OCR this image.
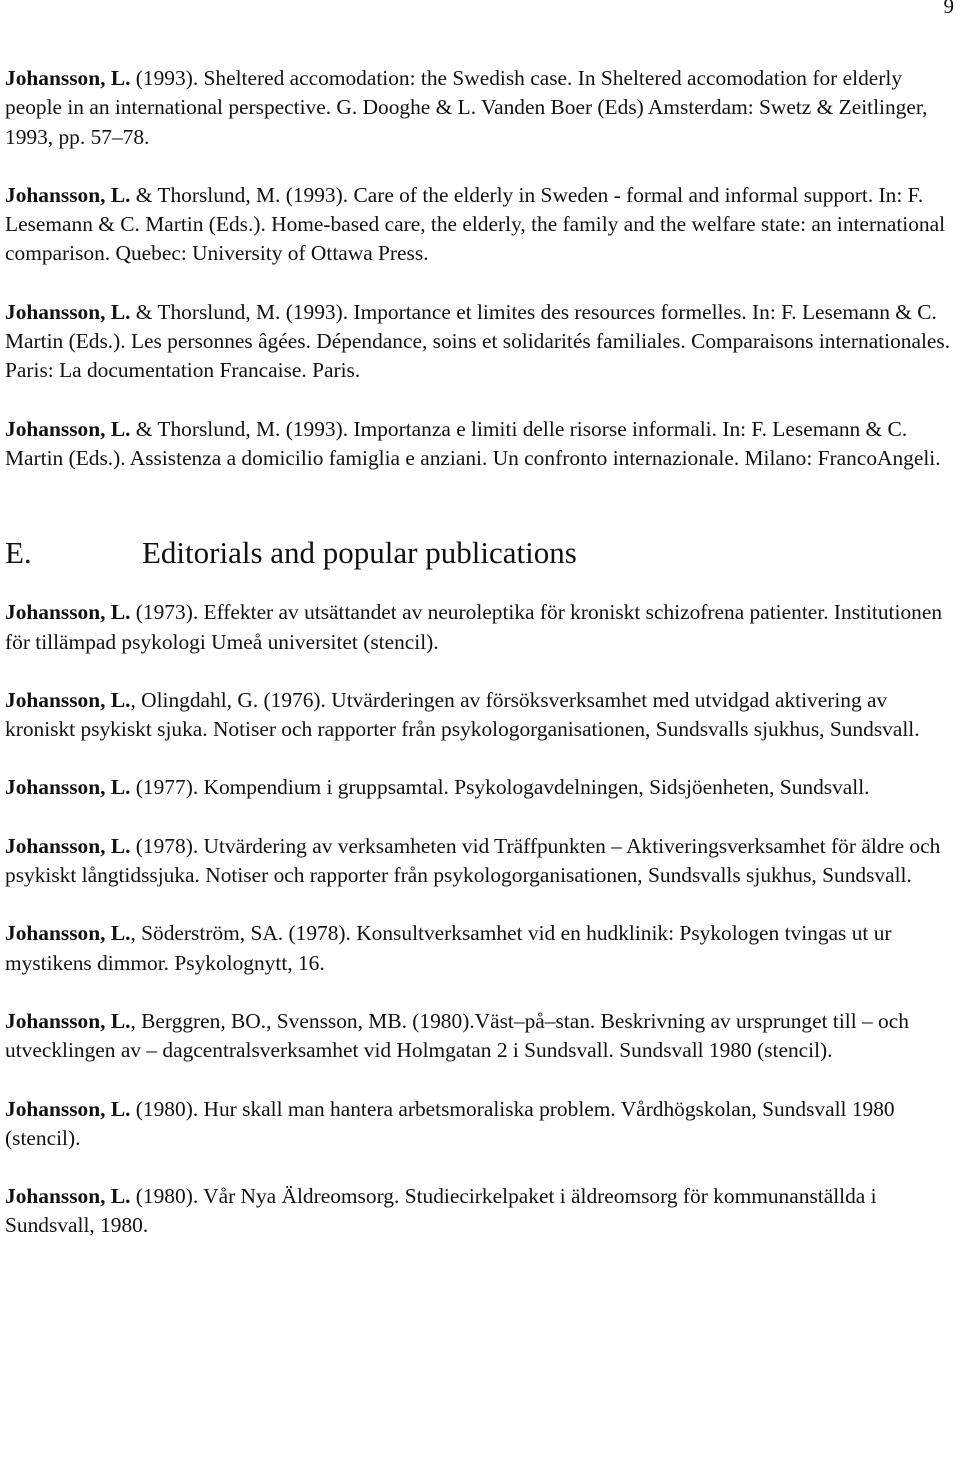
9

Johansson, L. (1993). Sheltered accomodation: the Swedish case. In Sheltered accomodation for elderly people in an international perspective. G. Dooghe & L. Vanden Boer (Eds) Amsterdam: Swetz & Zeitlinger, 1993, pp. 57–78.

Johansson, L. & Thorslund, M. (1993). Care of the elderly in Sweden - formal and informal support. In: F. Lesemann & C. Martin (Eds.). Home-based care, the elderly, the family and the welfare state: an international comparison. Quebec: University of Ottawa Press.

Johansson, L. & Thorslund, M. (1993). Importance et limites des resources formelles. In: F. Lesemann & C. Martin (Eds.). Les personnes âgées. Dépendance, soins et solidarités familiales. Comparaisons internationales. Paris: La documentation Francaise. Paris.

Johansson, L. & Thorslund, M. (1993). Importanza e limiti delle risorse informali. In: F. Lesemann & C. Martin (Eds.). Assistenza a domicilio famiglia e anziani. Un confronto internazionale. Milano: FrancoAngeli.

E.	Editorials and popular publications

Johansson, L. (1973). Effekter av utsättandet av neuroleptika för kroniskt schizofrena patienter. Institutionen för tillämpad psykologi Umeå universitet (stencil).

Johansson, L., Olingdahl, G. (1976). Utvärderingen av försöksverksamhet med utvidgad aktivering av kroniskt psykiskt sjuka. Notiser och rapporter från psykologorganisationen, Sundsvalls sjukhus, Sundsvall.

Johansson, L. (1977). Kompendium i gruppsamtal. Psykologavdelningen, Sidsjöenheten, Sundsvall.

Johansson, L. (1978). Utvärdering av verksamheten vid Träffpunkten – Aktiveringsverksamhet för äldre och psykiskt långtidssjuka. Notiser och rapporter från psykologorganisationen, Sundsvalls sjukhus, Sundsvall.

Johansson, L., Söderström, SA. (1978). Konsultverksamhet vid en hudklinik: Psykologen tvingas ut ur mystikens dimmor. Psykolognytt, 16.

Johansson, L., Berggren, BO., Svensson, MB. (1980).Väst–på–stan. Beskrivning av ursprunget till – och utvecklingen av – dagcentralsverksamhet vid Holmgatan 2 i Sundsvall. Sundsvall 1980 (stencil).

Johansson, L. (1980). Hur skall man hantera arbetsmoraliska problem. Vårdhögskolan, Sundsvall 1980 (stencil).

Johansson, L. (1980). Vår Nya Äldreomsorg. Studiecirkelpaket i äldreomsorg för kommunanställda i Sundsvall, 1980.
